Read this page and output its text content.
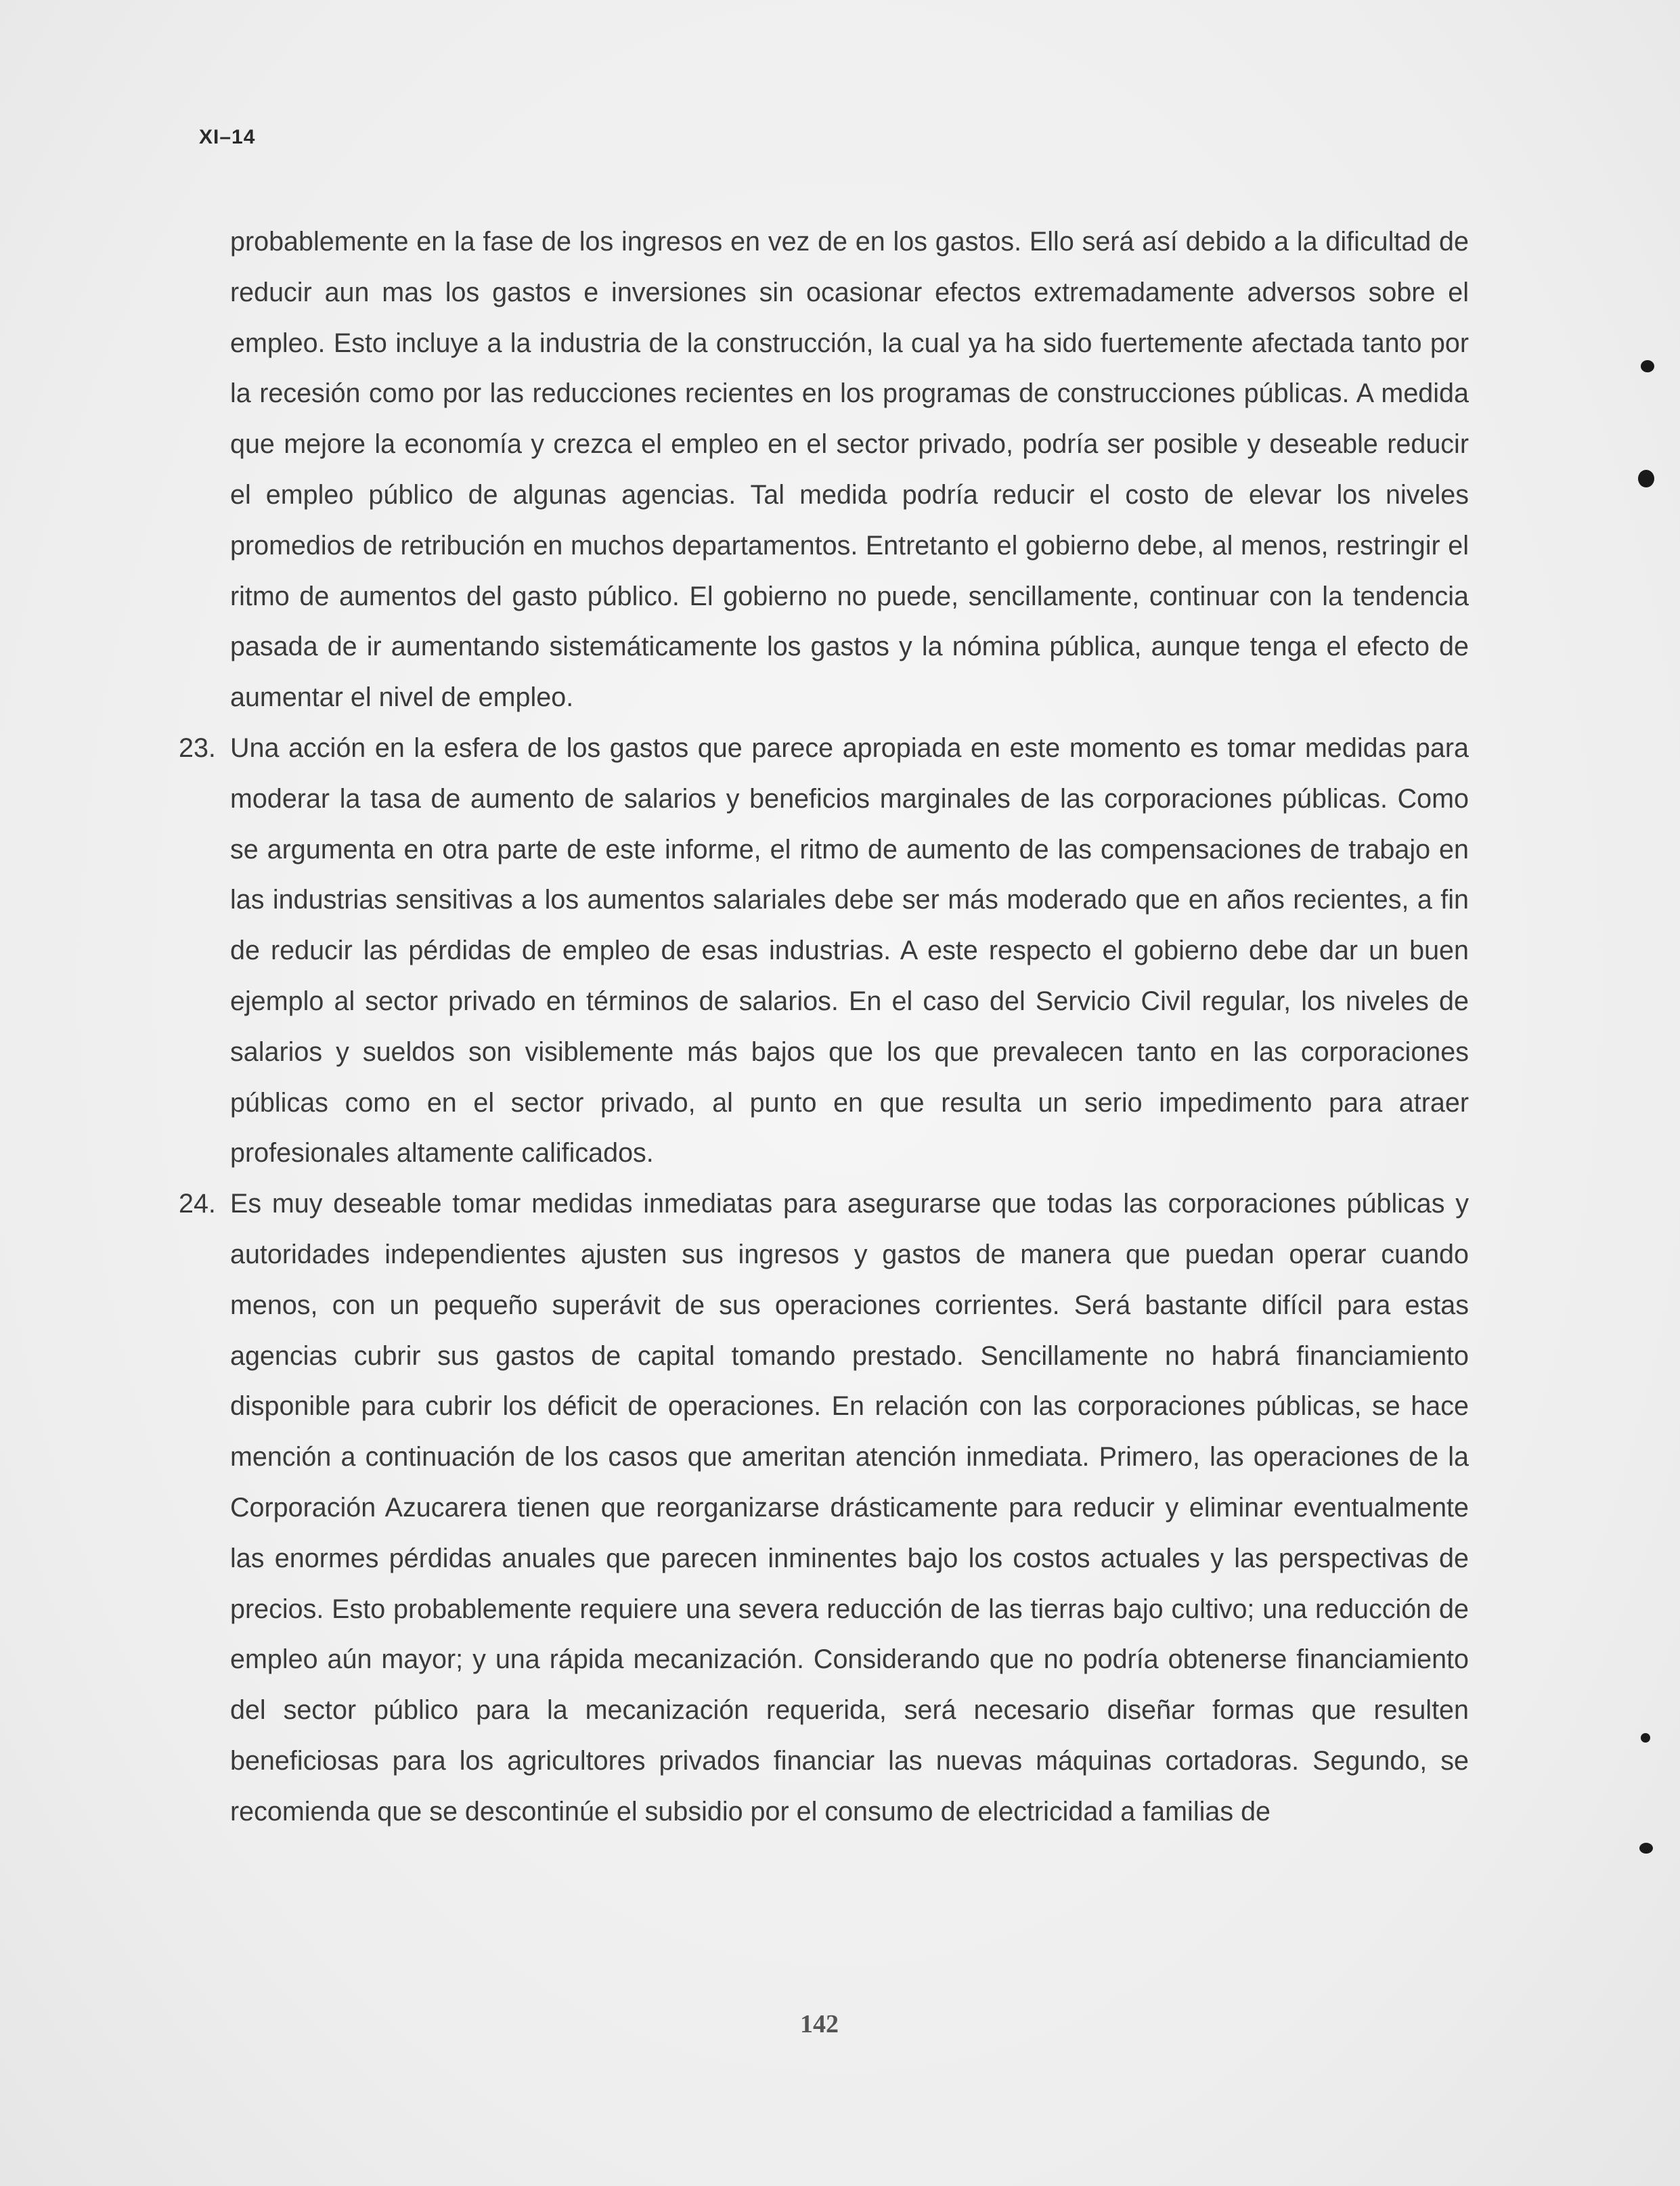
XI–14

probablemente en la fase de los ingresos en vez de en los gastos. Ello será así debido a la dificultad de reducir aun mas los gastos e inversiones sin ocasionar efectos extremadamente adversos sobre el empleo. Esto incluye a la industria de la construcción, la cual ya ha sido fuertemente afectada tanto por la recesión como por las reducciones recientes en los programas de construcciones públicas. A medida que mejore la economía y crezca el empleo en el sector privado, podría ser posible y deseable reducir el empleo público de algunas agencias. Tal medida podría reducir el costo de elevar los niveles promedios de retribución en muchos departamentos. Entretanto el gobierno debe, al menos, restringir el ritmo de aumentos del gasto público. El gobierno no puede, sencillamente, continuar con la tendencia pasada de ir aumentando sistemáticamente los gastos y la nómina pública, aunque tenga el efecto de aumentar el nivel de empleo.

23. Una acción en la esfera de los gastos que parece apropiada en este momento es tomar medidas para moderar la tasa de aumento de salarios y beneficios marginales de las corporaciones públicas. Como se argumenta en otra parte de este informe, el ritmo de aumento de las compensaciones de trabajo en las industrias sensitivas a los aumentos salariales debe ser más moderado que en años recientes, a fin de reducir las pérdidas de empleo de esas industrias. A este respecto el gobierno debe dar un buen ejemplo al sector privado en términos de salarios. En el caso del Servicio Civil regular, los niveles de salarios y sueldos son visiblemente más bajos que los que prevalecen tanto en las corporaciones públicas como en el sector privado, al punto en que resulta un serio impedimento para atraer profesionales altamente calificados.

24. Es muy deseable tomar medidas inmediatas para asegurarse que todas las corporaciones públicas y autoridades independientes ajusten sus ingresos y gastos de manera que puedan operar cuando menos, con un pequeño superávit de sus operaciones corrientes. Será bastante difícil para estas agencias cubrir sus gastos de capital tomando prestado. Sencillamente no habrá financiamiento disponible para cubrir los déficit de operaciones. En relación con las corporaciones públicas, se hace mención a continuación de los casos que ameritan atención inmediata. Primero, las operaciones de la Corporación Azucarera tienen que reorganizarse drásticamente para reducir y eliminar eventualmente las enormes pérdidas anuales que parecen inminentes bajo los costos actuales y las perspectivas de precios. Esto probablemente requiere una severa reducción de las tierras bajo cultivo; una reducción de empleo aún mayor; y una rápida mecanización. Considerando que no podría obtenerse financiamiento del sector público para la mecanización requerida, será necesario diseñar formas que resulten beneficiosas para los agricultores privados financiar las nuevas máquinas cortadoras. Segundo, se recomienda que se descontinúe el subsidio por el consumo de electricidad a familias de

142
